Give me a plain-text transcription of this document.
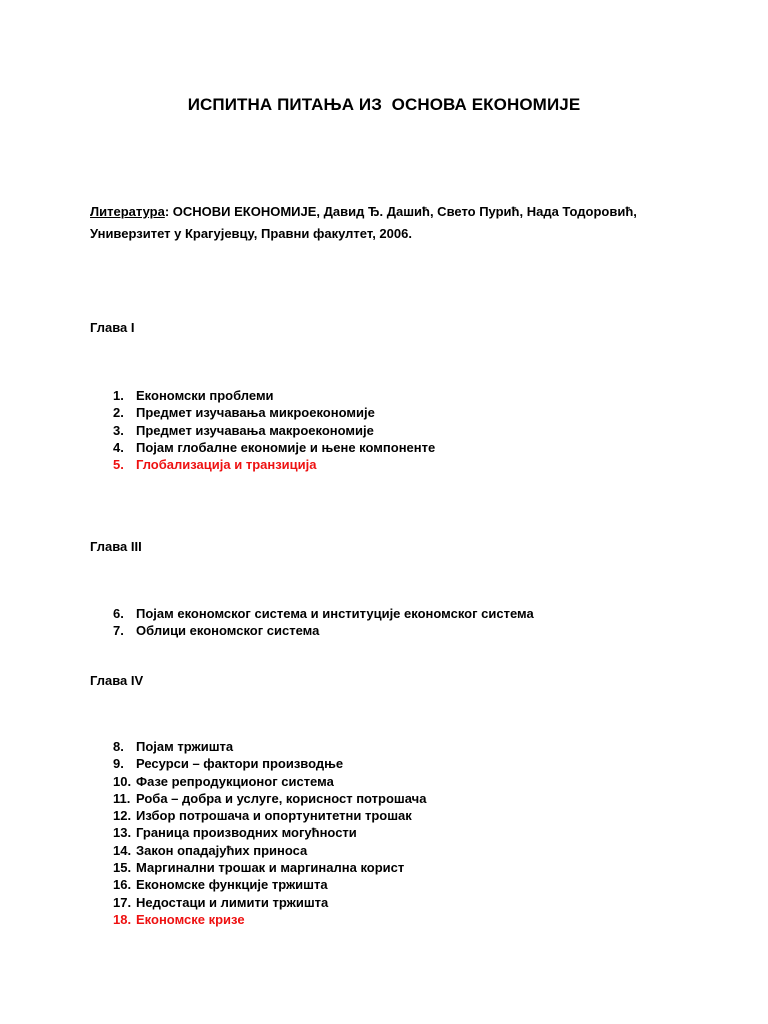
ИСПИТНА ПИТАЊА ИЗ  ОСНОВА ЕКОНОМИЈЕ
Литература: ОСНОВИ ЕКОНОМИЈЕ, Давид Ђ. Дашић, Свето Пурић, Нада Тодоровић, Универзитет у Крагујевцу, Правни факултет, 2006.
Глава I
1. Економски проблеми
2. Предмет изучавања микроекономије
3. Предмет изучавања макроекономије
4. Појам глобалне економије и њене компоненте
5. Глобализација и транзиција
Глава III
6. Појам економског система и институције економског система
7. Облици економског система
Глава IV
8. Појам тржишта
9. Ресурси – фактори производње
10. Фазе репродукционог система
11. Роба – добра и услуге, корисност потрошача
12. Избор потрошача и опортунитетни трошак
13. Граница производних могућности
14. Закон опадајућих приноса
15. Маргинални трошак и маргинална корист
16. Економске функције тржишта
17. Недостаци и лимити тржишта
18. Економске кризе
